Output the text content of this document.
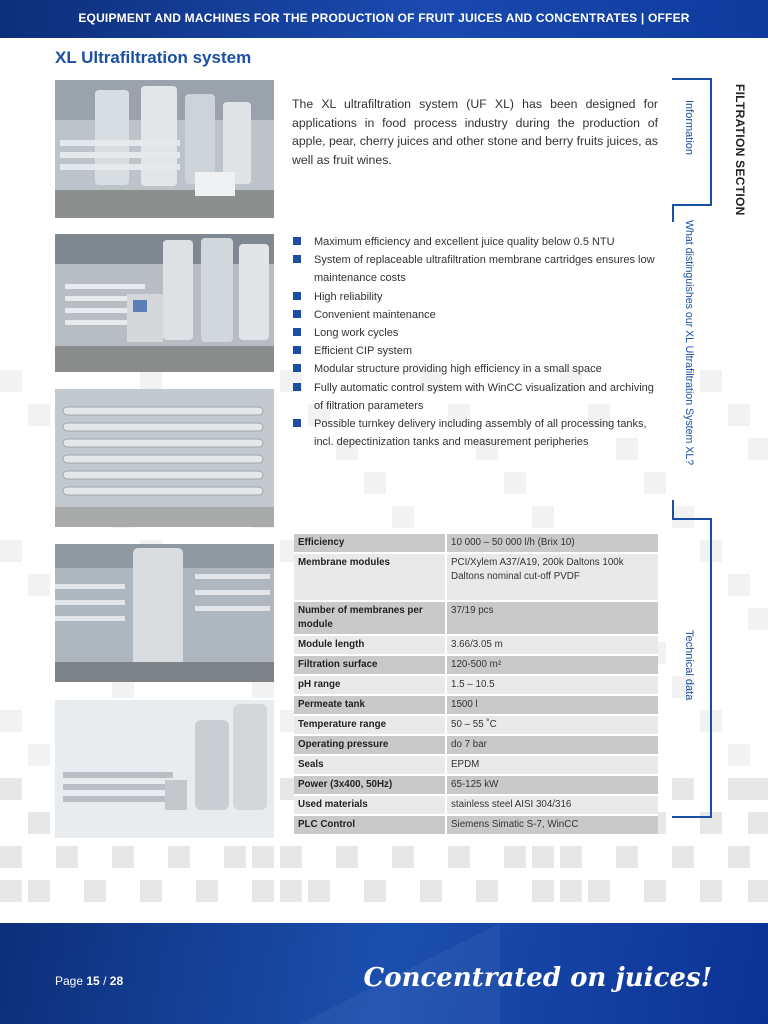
EQUIPMENT AND MACHINES FOR THE PRODUCTION OF FRUIT JUICES AND CONCENTRATES | OFFER
XL Ultrafiltration system
The XL ultrafiltration system (UF XL) has been designed for applications in food process industry during the production of apple, pear, cherry juices and other stone and berry fruits juices, as well as fruit wines.
Maximum efficiency and excellent juice quality below 0.5 NTU
System of replaceable ultrafiltration membrane cartridges ensures low maintenance costs
High reliability
Convenient maintenance
Long work cycles
Efficient CIP system
Modular structure providing high efficiency in a small space
Fully automatic control system with WinCC visualization and archiving of filtration parameters
Possible turnkey delivery including assembly of all processing tanks, incl. depectinization tanks and measurement peripheries
Efficiency	10 000 – 50 000 l/h (Brix 10)
Membrane modules	PCI/Xylem A37/A19, 200k Daltons 100k Daltons nominal cut-off PVDF
Number of membranes per module	37/19 pcs
Module length	3.66/3.05 m
Filtration surface	120-500 m²
pH range	1.5 – 10.5
Permeate tank	1500 l
Temperature range	50 – 55 ˚C
Operating pressure	do 7 bar
Seals	EPDM
Power (3x400, 50Hz)	65-125 kW
Used materials	stainless steel AISI 304/316
PLC Control	Siemens Simatic S-7, WinCC
FILTRATION SECTION
Information
What distinguishes our XL Ultrafiltration System XL?
Technical data
Page 15 / 28	Concentrated on juices!
